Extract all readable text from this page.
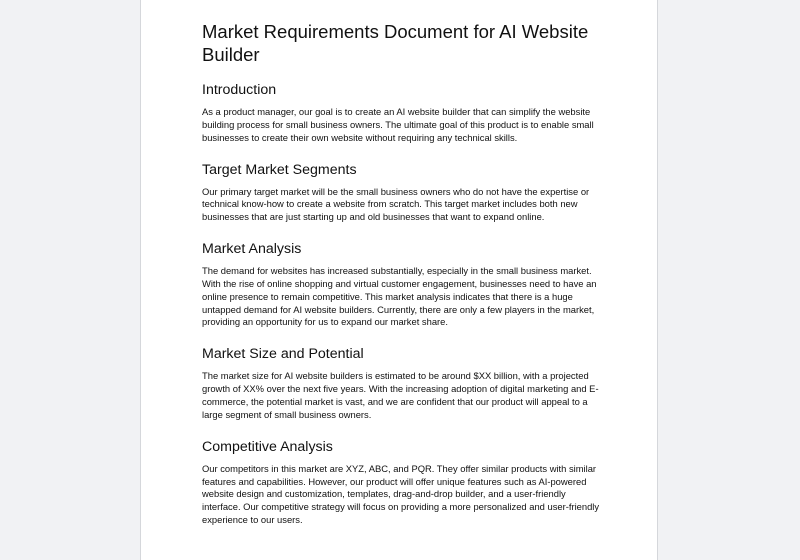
Market Requirements Document for AI Website Builder
Introduction

As a product manager, our goal is to create an AI website builder that can simplify the website building process for small business owners. The ultimate goal of this product is to enable small businesses to create their own website without requiring any technical skills.

Target Market Segments

Our primary target market will be the small business owners who do not have the expertise or technical know-how to create a website from scratch. This target market includes both new businesses that are just starting up and old businesses that want to expand online.

Market Analysis

The demand for websites has increased substantially, especially in the small business market. With the rise of online shopping and virtual customer engagement, businesses need to have an online presence to remain competitive. This market analysis indicates that there is a huge untapped demand for AI website builders. Currently, there are only a few players in the market, providing an opportunity for us to expand our market share.

Market Size and Potential

The market size for AI website builders is estimated to be around $XX billion, with a projected growth of XX% over the next five years. With the increasing adoption of digital marketing and E-commerce, the potential market is vast, and we are confident that our product will appeal to a large segment of small business owners.

Competitive Analysis

Our competitors in this market are XYZ, ABC, and PQR. They offer similar products with similar features and capabilities. However, our product will offer unique features such as AI-powered website design and customization, templates, drag-and-drop builder, and a user-friendly interface. Our competitive strategy will focus on providing a more personalized and user-friendly experience to our users.
